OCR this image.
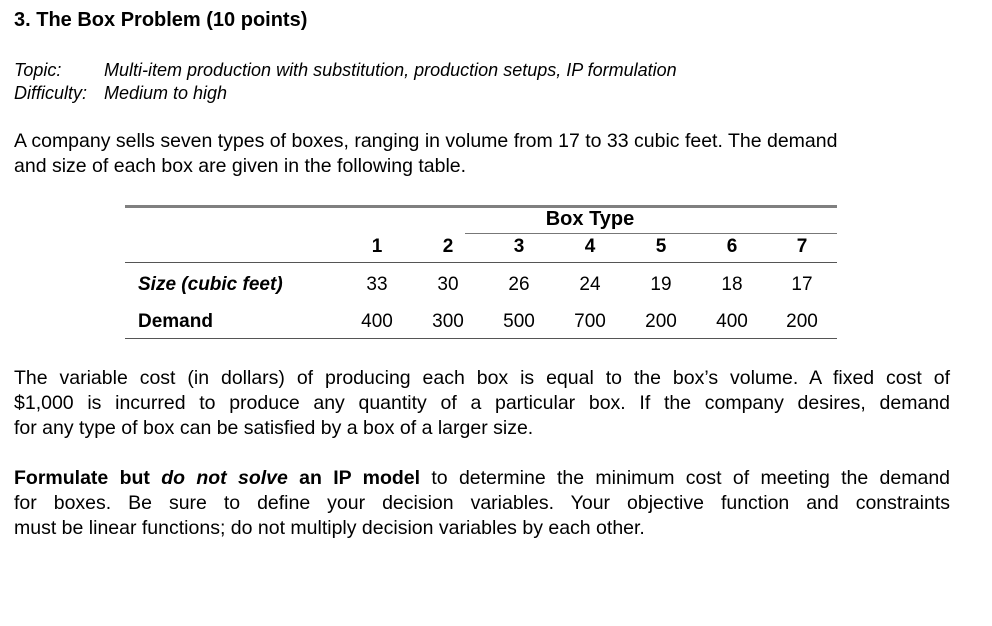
3. The Box Problem (10 points)
Topic: Multi-item production with substitution, production setups, IP formulation
Difficulty: Medium to high
A company sells seven types of boxes, ranging in volume from 17 to 33 cubic feet. The demand
and size of each box are given in the following table.
Box Type
1	2	3	4	5	6	7
Size (cubic feet)	33	30	26	24	19	18	17
Demand	400 300 500 700 200 400 200
The variable cost (in dollars) of producing each box is equal to the box’s volume. A fixed cost of
$1,000 is incurred to produce any quantity of a particular box. If the company desires, demand
for any type of box can be satisfied by a box of a larger size.
Formulate but do not solve an IP model to determine the minimum cost of meeting the demand
for boxes. Be sure to define your decision variables. Your objective function and constraints
must be linear functions; do not multiply decision variables by each other.
